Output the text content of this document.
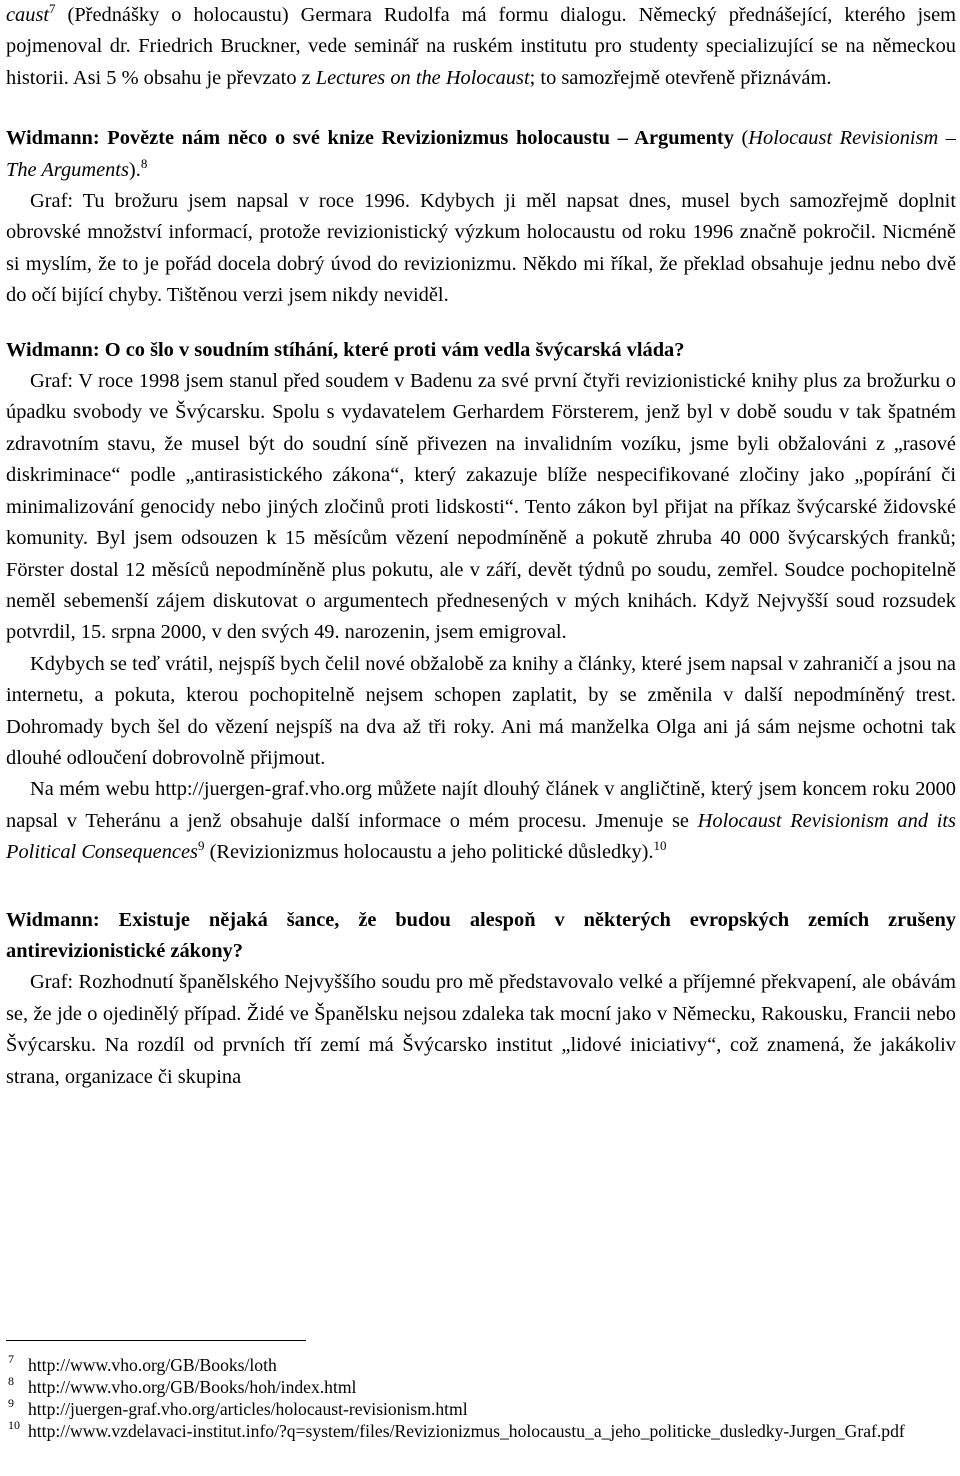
caust$^7$ (Přednášky o holocaustu) Germara Rudolfa má formu dialogu. Německý přednášející, kterého jsem pojmenoval dr. Friedrich Bruckner, vede seminář na ruském institutu pro studenty specializující se na německou historii. Asi 5 % obsahu je převzato z Lectures on the Holocaust; to samozřejmě otevřeně přiznávám.

Widmann: Povězte nám něco o své knize Revizionizmus holocaustu – Argumenty (Holocaust Revisionism – The Arguments).$^8$

Graf: Tu brožuru jsem napsal v roce 1996. Kdybych ji měl napsat dnes, musel bych samozřejmě doplnit obrovské množství informací, protože revizionistický výzkum holocaustu od roku 1996 značně pokročil. Nicméně si myslím, že to je pořád docela dobrý úvod do revizionizmu. Někdo mi říkal, že překlad obsahuje jednu nebo dvě do očí bijící chyby. Tištěnou verzi jsem nikdy neviděl.

Widmann: O co šlo v soudním stíhání, které proti vám vedla švýcarská vláda?

Graf: V roce 1998 jsem stanul před soudem v Badenu za své první čtyři revizionistické knihy plus za brožurku o úpadku svobody ve Švýcarsku. Spolu s vydavatelem Gerhardem Försterem, jenž byl v době soudu v tak špatném zdravotním stavu, že musel být do soudní síně přivezen na invalidním vozíku, jsme byli obžalováni z „rasové diskriminace“ podle „antirasistického zákona“, který zakazuje blíže nespecifikované zločiny jako „popírání či minimalizování genocidy nebo jiných zločinů proti lidskosti“. Tento zákon byl přijat na příkaz švýcarské židovské komunity. Byl jsem odsouzen k 15 měsícům vězení nepodmíněně a pokutě zhruba 40 000 švýcarských franků; Förster dostal 12 měsíců nepodmíněně plus pokutu, ale v září, devět týdnů po soudu, zemřel. Soudce pochopitelně neměl sebemenší zájem diskutovat o argumentech přednesených v mých knihách. Když Nejvyšší soud rozsudek potvrdil, 15. srpna 2000, v den svých 49. narozenin, jsem emigroval.

Kdybych se teď vrátil, nejspíš bych čelil nové obžalobě za knihy a články, které jsem napsal v zahraničí a jsou na internetu, a pokuta, kterou pochopitelně nejsem schopen zaplatit, by se změnila v další nepodmíněný trest. Dohromady bych šel do vězení nejspíš na dva až tři roky. Ani má manželka Olga ani já sám nejsme ochotni tak dlouhé odloučení dobrovolně přijmout.

Na mém webu http://juergen-graf.vho.org můžete najít dlouhý článek v angličtině, který jsem koncem roku 2000 napsal v Teheránu a jenž obsahuje další informace o mém procesu. Jmenuje se Holocaust Revisionism and its Political Consequences$^9$ (Revizionizmus holocaustu a jeho politické důsledky).$^{10}$

Widmann: Existuje nějaká šance, že budou alespoň v některých evropských zemích zrušeny antirevizionistické zákony?

Graf: Rozhodnutí španělského Nejvyššího soudu pro mě představovalo velké a příjemné překvapení, ale obávám se, že jde o ojedinělý případ. Židé ve Španělsku nejsou zdaleka tak mocní jako v Německu, Rakousku, Francii nebo Švýcarsku. Na rozdíl od prvních tří zemí má Švýcarsko institut „lidové iniciativy“, což znamená, že jakákoliv strana, organizace či skupina

7 http://www.vho.org/GB/Books/loth
8 http://www.vho.org/GB/Books/hoh/index.html
9 http://juergen-graf.vho.org/articles/holocaust-revisionism.html
10 http://www.vzdelavaci-institut.info/?q=system/files/Revizionizmus_holocaustu_a_jeho_politicke_dusledky-Jurgen_Graf.pdf
